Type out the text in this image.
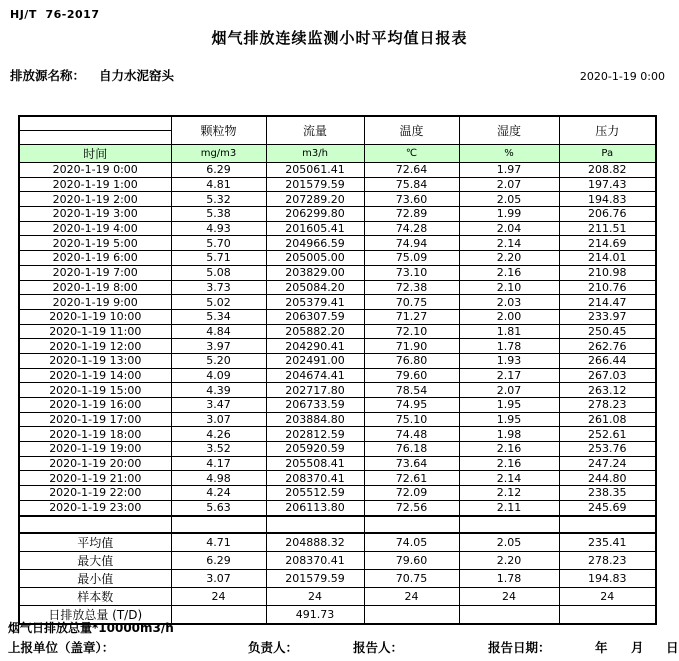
HJ/T  76-2017
烟气排放连续监测小时平均值日报表
排放源名称： 自力水泥窑头	2020-1-19 0:00
	颗粒物	流量	温度	湿度	压力

时间	mg/m3	m3/h	℃	%	Pa
2020-1-19 0:00	6.29	205061.41	72.64	1.97	208.82
2020-1-19 1:00	4.81	201579.59	75.84	2.07	197.43
2020-1-19 2:00	5.32	207289.20	73.60	2.05	194.83
2020-1-19 3:00	5.38	206299.80	72.89	1.99	206.76
2020-1-19 4:00	4.93	201605.41	74.28	2.04	211.51
2020-1-19 5:00	5.70	204966.59	74.94	2.14	214.69
2020-1-19 6:00	5.71	205005.00	75.09	2.20	214.01
2020-1-19 7:00	5.08	203829.00	73.10	2.16	210.98
2020-1-19 8:00	3.73	205084.20	72.38	2.10	210.76
2020-1-19 9:00	5.02	205379.41	70.75	2.03	214.47
2020-1-19 10:00	5.34	206307.59	71.27	2.00	233.97
2020-1-19 11:00	4.84	205882.20	72.10	1.81	250.45
2020-1-19 12:00	3.97	204290.41	71.90	1.78	262.76
2020-1-19 13:00	5.20	202491.00	76.80	1.93	266.44
2020-1-19 14:00	4.09	204674.41	79.60	2.17	267.03
2020-1-19 15:00	4.39	202717.80	78.54	2.07	263.12
2020-1-19 16:00	3.47	206733.59	74.95	1.95	278.23
2020-1-19 17:00	3.07	203884.80	75.10	1.95	261.08
2020-1-19 18:00	4.26	202812.59	74.48	1.98	252.61
2020-1-19 19:00	3.52	205920.59	76.18	2.16	253.76
2020-1-19 20:00	4.17	205508.41	73.64	2.16	247.24
2020-1-19 21:00	4.98	208370.41	72.61	2.14	244.80
2020-1-19 22:00	4.24	205512.59	72.09	2.12	238.35
2020-1-19 23:00	5.63	206113.80	72.56	2.11	245.69

平均值	4.71	204888.32	74.05	2.05	235.41
最大值	6.29	208370.41	79.60	2.20	278.23
最小值	3.07	201579.59	70.75	1.78	194.83
样本数	24	24	24	24	24
日排放总量 (T/D)		491.73			
烟气日排放总量*10000m3/h
上报单位（盖章）：	负责人：	报告人：	报告日期：	年 月 日
